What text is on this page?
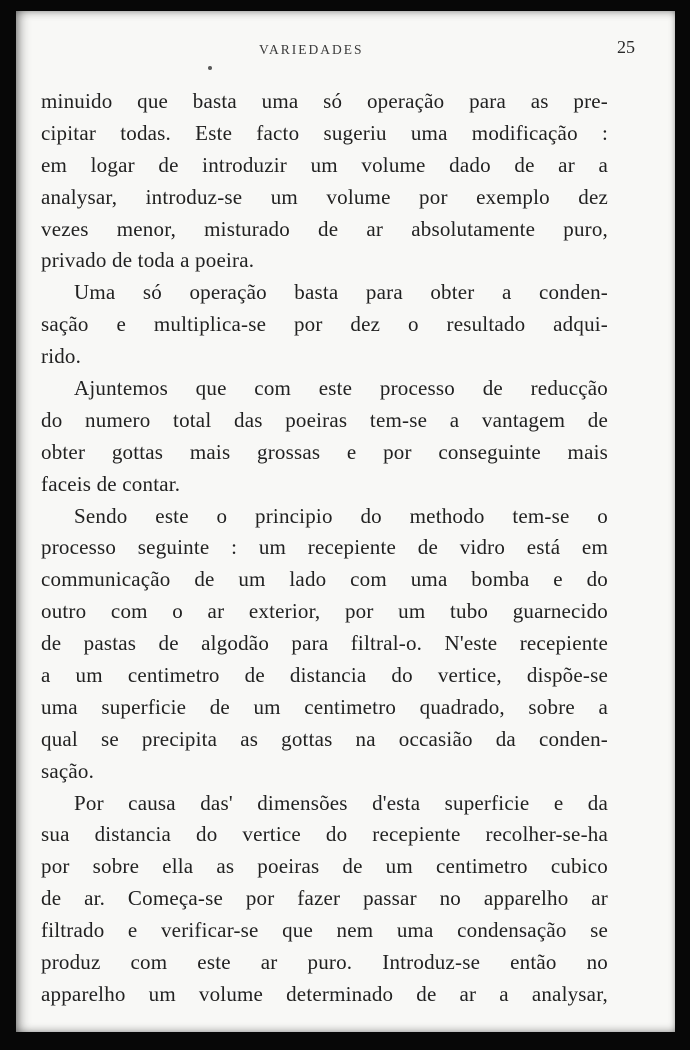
VARIEDADES	25
minuido que basta uma só operação para as pre-
cipitar todas. Este facto sugeriu uma modificação :
em logar de introduzir um volume dado de ar a
analysar, introduz-se um volume por exemplo dez
vezes menor, misturado de ar absolutamente puro,
privado de toda a poeira.
Uma só operação basta para obter a conden-
sação e multiplica-se por dez o resultado adqui-
rido.
Ajuntemos que com este processo de reducção
do numero total das poeiras tem-se a vantagem de
obter gottas mais grossas e por conseguinte mais
faceis de contar.
Sendo este o principio do methodo tem-se o
processo seguinte : um recepiente de vidro está em
communicação de um lado com uma bomba e do
outro com o ar exterior, por um tubo guarnecido
de pastas de algodão para filtral-o. N'este recepiente
a um centimetro de distancia do vertice, dispõe-se
uma superficie de um centimetro quadrado, sobre a
qual se precipita as gottas na occasião da conden-
sação.
Por causa das' dimensões d'esta superficie e da
sua distancia do vertice do recepiente recolher-se-ha
por sobre ella as poeiras de um centimetro cubico
de ar. Começa-se por fazer passar no apparelho ar
filtrado e verificar-se que nem uma condensação se
produz com este ar puro. Introduz-se então no
apparelho um volume determinado de ar a analysar,
